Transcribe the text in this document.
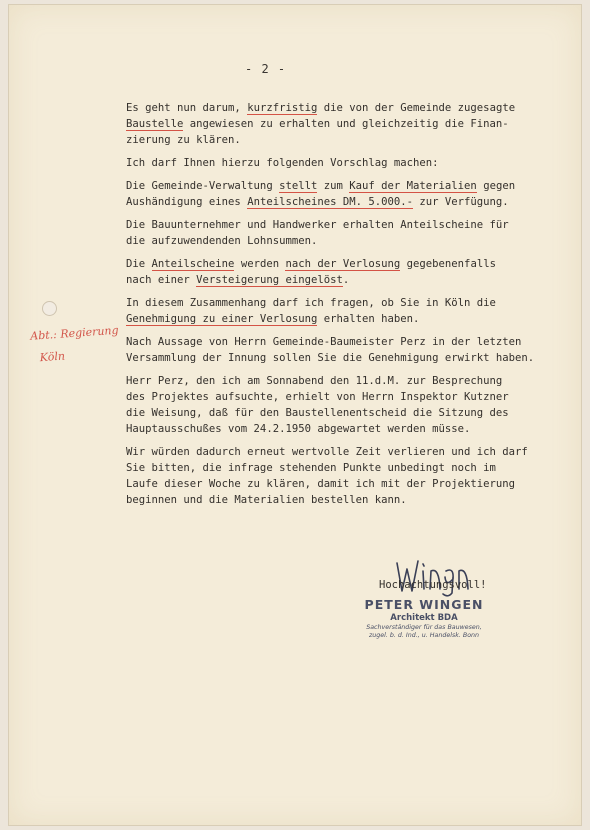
- 2 -
Es geht nun darum, kurzfristig die von der Gemeinde zugesagte
Baustelle angewiesen zu erhalten und gleichzeitig die Finan-
zierung zu klären.
Ich darf Ihnen hierzu folgenden Vorschlag machen:
Die Gemeinde-Verwaltung stellt zum Kauf der Materialien gegen
Aushändigung eines Anteilscheines DM. 5.000.- zur Verfügung.
Die Bauunternehmer und Handwerker erhalten Anteilscheine für
die aufzuwendenden Lohnsummen.
Die Anteilscheine werden nach der Verlosung gegebenenfalls
nach einer Versteigerung eingelöst.
In diesem Zusammenhang darf ich fragen, ob Sie in Köln die
Genehmigung zu einer Verlosung erhalten haben.
Nach Aussage von Herrn Gemeinde-Baumeister Perz in der letzten
Versammlung der Innung sollen Sie die Genehmigung erwirkt haben.
Herr Perz, den ich am Sonnabend den 11.d.M. zur Besprechung
des Projektes aufsuchte, erhielt von Herrn Inspektor Kutzner
die Weisung, daß für den Baustellenentscheid die Sitzung des
Hauptausschußes vom 24.2.1950 abgewartet werden müsse.
Wir würden dadurch erneut wertvolle Zeit verlieren und ich darf
Sie bitten, die infrage stehenden Punkte unbedingt noch im
Laufe dieser Woche zu klären, damit ich mit der Projektierung
beginnen und die Materialien bestellen kann.
Abt.: Regierung
Köln
Hochachtungsvoll!
PETER WINGEN
Architekt BDA
Sachverständiger für das Bauwesen,
zugel. b. d. Ind., u. Handelsk. Bonn
